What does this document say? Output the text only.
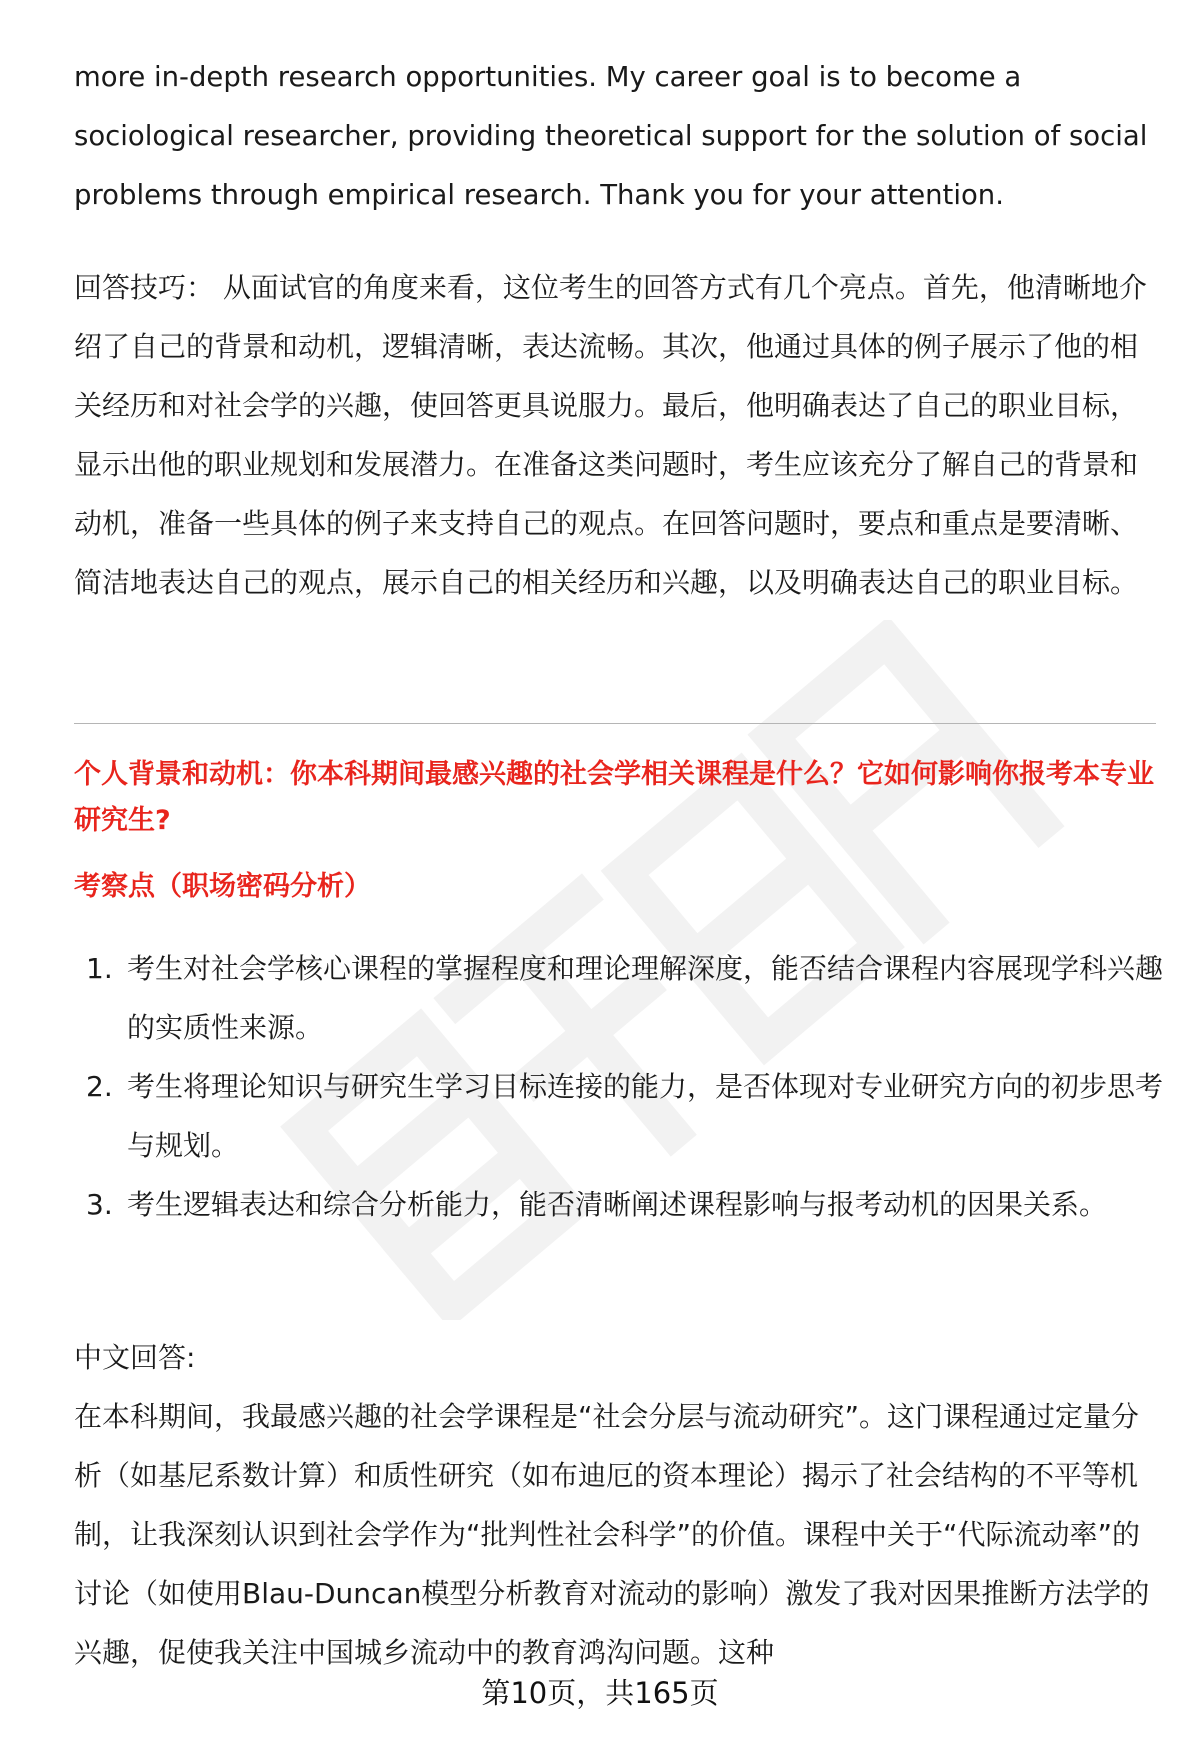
more in-depth research opportunities. My career goal is to become a sociological researcher, providing theoretical support for the solution of social problems through empirical research. Thank you for your attention.

回答技巧： 从面试官的角度来看，这位考生的回答方式有几个亮点。首先，他清晰地介绍了自己的背景和动机，逻辑清晰，表达流畅。其次，他通过具体的例子展示了他的相关经历和对社会学的兴趣，使回答更具说服力。最后，他明确表达了自己的职业目标，显示出他的职业规划和发展潜力。在准备这类问题时，考生应该充分了解自己的背景和动机，准备一些具体的例子来支持自己的观点。在回答问题时，要点和重点是要清晰、简洁地表达自己的观点，展示自己的相关经历和兴趣，以及明确表达自己的职业目标。

个人背景和动机：你本科期间最感兴趣的社会学相关课程是什么？它如何影响你报考本专业研究生?
考察点（职场密码分析）
1. 考生对社会学核心课程的掌握程度和理论理解深度，能否结合课程内容展现学科兴趣的实质性来源。
2. 考生将理论知识与研究生学习目标连接的能力，是否体现对专业研究方向的初步思考与规划。
3. 考生逻辑表达和综合分析能力，能否清晰阐述课程影响与报考动机的因果关系。

中文回答:

在本科期间，我最感兴趣的社会学课程是“社会分层与流动研究”。这门课程通过定量分析（如基尼系数计算）和质性研究（如布迪厄的资本理论）揭示了社会结构的不平等机制，让我深刻认识到社会学作为“批判性社会科学”的价值。课程中关于“代际流动率”的讨论（如使用Blau-Duncan模型分析教育对流动的影响）激发了我对因果推断方法学的兴趣，促使我关注中国城乡流动中的教育鸿沟问题。这种

第10页，共165页
